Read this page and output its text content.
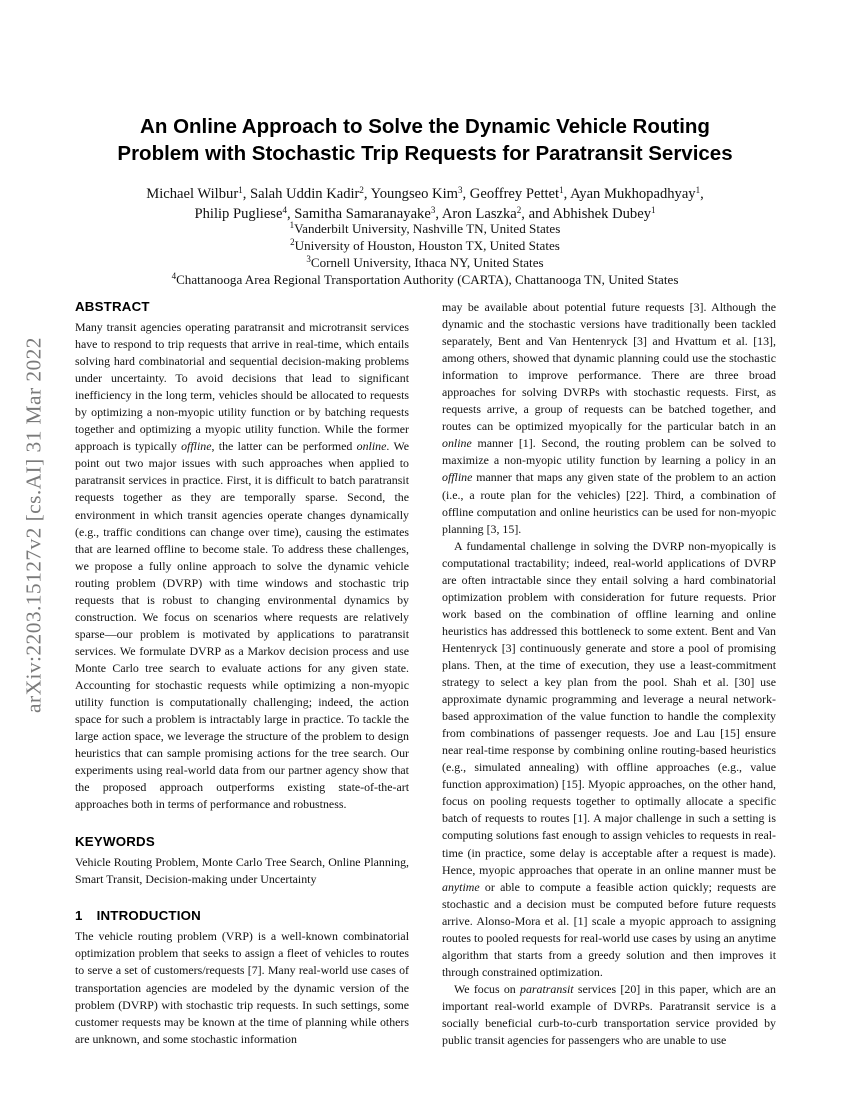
arXiv:2203.15127v2 [cs.AI] 31 Mar 2022
An Online Approach to Solve the Dynamic Vehicle Routing
Problem with Stochastic Trip Requests for Paratransit Services
Michael Wilbur$^1$, Salah Uddin Kadir$^2$, Youngseo Kim$^3$, Geoffrey Pettet$^1$, Ayan Mukhopadhyay$^1$,
Philip Pugliese$^4$, Samitha Samaranayake$^3$, Aron Laszka$^2$, and Abhishek Dubey$^1$
$^1$Vanderbilt University, Nashville TN, United States
$^2$University of Houston, Houston TX, United States
$^3$Cornell University, Ithaca NY, United States
$^4$Chattanooga Area Regional Transportation Authority (CARTA), Chattanooga TN, United States
ABSTRACT

Many transit agencies operating paratransit and microtransit services have to respond to trip requests that arrive in real-time, which entails solving hard combinatorial and sequential decision-making problems under uncertainty. To avoid decisions that lead to significant inefficiency in the long term, vehicles should be allocated to requests by optimizing a non-myopic utility function or by batching requests together and optimizing a myopic utility function. While the former approach is typically offline, the latter can be performed online. We point out two major issues with such approaches when applied to paratransit services in practice. First, it is difficult to batch paratransit requests together as they are temporally sparse. Second, the environment in which transit agencies operate changes dynamically (e.g., traffic conditions can change over time), causing the estimates that are learned offline to become stale. To address these challenges, we propose a fully online approach to solve the dynamic vehicle routing problem (DVRP) with time windows and stochastic trip requests that is robust to changing environmental dynamics by construction. We focus on scenarios where requests are relatively sparse—our problem is motivated by applications to paratransit services. We formulate DVRP as a Markov decision process and use Monte Carlo tree search to evaluate actions for any given state. Accounting for stochastic requests while optimizing a non-myopic utility function is computationally challenging; indeed, the action space for such a problem is intractably large in practice. To tackle the large action space, we leverage the structure of the problem to design heuristics that can sample promising actions for the tree search. Our experiments using real-world data from our partner agency show that the proposed approach outperforms existing state-of-the-art approaches both in terms of performance and robustness.

KEYWORDS
Vehicle Routing Problem, Monte Carlo Tree Search, Online Planning, Smart Transit, Decision-making under Uncertainty
1 INTRODUCTION

The vehicle routing problem (VRP) is a well-known combinatorial optimization problem that seeks to assign a fleet of vehicles to routes to serve a set of customers/requests [7]. Many real-world use cases of transportation agencies are modeled by the dynamic version of the problem (DVRP) with stochastic trip requests. In such settings, some customer requests may be known at the time of planning while others are unknown, and some stochastic information

may be available about potential future requests [3]. Although the dynamic and the stochastic versions have traditionally been tackled separately, Bent and Van Hentenryck [3] and Hvattum et al. [13], among others, showed that dynamic planning could use the stochastic information to improve performance. There are three broad approaches for solving DVRPs with stochastic requests. First, as requests arrive, a group of requests can be batched together, and routes can be optimized myopically for the particular batch in an online manner [1]. Second, the routing problem can be solved to maximize a non-myopic utility function by learning a policy in an offline manner that maps any given state of the problem to an action (i.e., a route plan for the vehicles) [22]. Third, a combination of offline computation and online heuristics can be used for non-myopic planning [3, 15].

A fundamental challenge in solving the DVRP non-myopically is computational tractability; indeed, real-world applications of DVRP are often intractable since they entail solving a hard combinatorial optimization problem with consideration for future requests. Prior work based on the combination of offline learning and online heuristics has addressed this bottleneck to some extent. Bent and Van Hentenryck [3] continuously generate and store a pool of promising plans. Then, at the time of execution, they use a least-commitment strategy to select a key plan from the pool. Shah et al. [30] use approximate dynamic programming and leverage a neural network-based approximation of the value function to handle the complexity from combinations of passenger requests. Joe and Lau [15] ensure near real-time response by combining online routing-based heuristics (e.g., simulated annealing) with offline approaches (e.g., value function approximation) [15]. Myopic approaches, on the other hand, focus on pooling requests together to optimally allocate a specific batch of requests to routes [1]. A major challenge in such a setting is computing solutions fast enough to assign vehicles to requests in real-time (in practice, some delay is acceptable after a request is made). Hence, myopic approaches that operate in an online manner must be anytime or able to compute a feasible action quickly; requests are stochastic and a decision must be computed before future requests arrive. Alonso-Mora et al. [1] scale a myopic approach to assigning routes to pooled requests for real-world use cases by using an anytime algorithm that starts from a greedy solution and then improves it through constrained optimization.

We focus on paratransit services [20] in this paper, which are an important real-world example of DVRPs. Paratransit service is a socially beneficial curb-to-curb transportation service provided by public transit agencies for passengers who are unable to use
